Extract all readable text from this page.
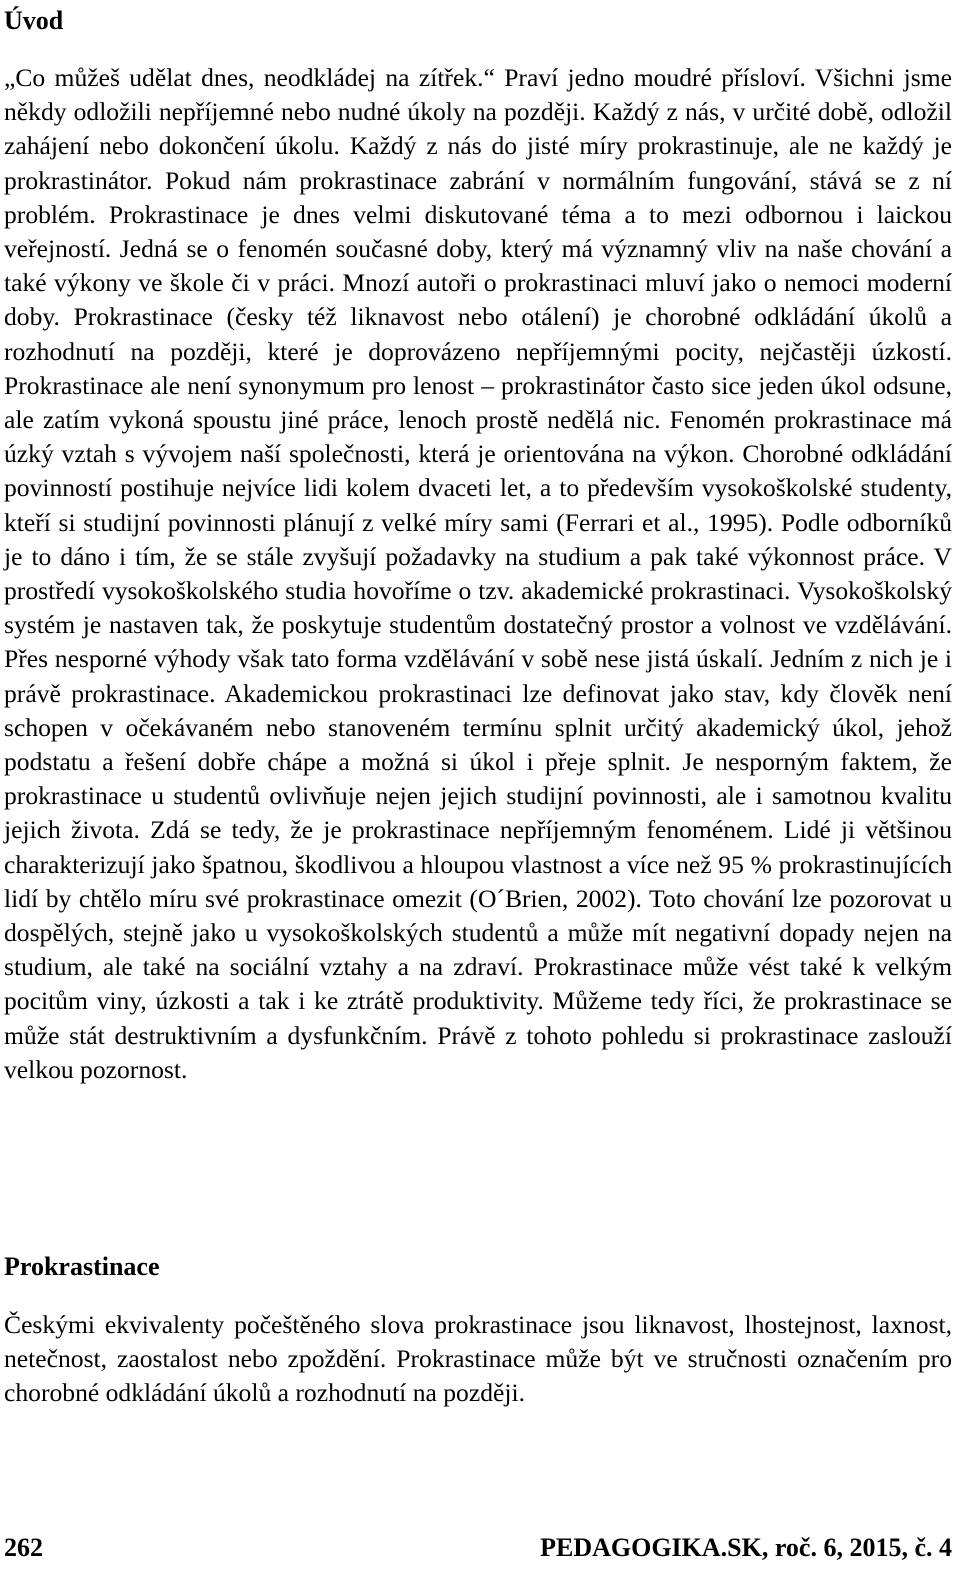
Úvod

„Co můžeš udělat dnes, neodkládej na zítřek.“ Praví jedno moudré přísloví. Všichni jsme někdy odložili nepříjemné nebo nudné úkoly na později. Každý z nás, v určité době, odložil zahájení nebo dokončení úkolu. Každý z nás do jisté míry prokrastinuje, ale ne každý je prokrastinátor. Pokud nám prokrastinace zabrání v normálním fungování, stává se z ní problém. Prokrastinace je dnes velmi diskutované téma a to mezi odbornou i laickou veřejností. Jedná se o fenomén současné doby, který má významný vliv na naše chování a také výkony ve škole či v práci. Mnozí autoři o prokrastinaci mluví jako o nemoci moderní doby. Prokrastinace (česky též liknavost nebo otálení) je chorobné odkládání úkolů a rozhodnutí na později, které je doprovázeno nepříjemnými pocity, nejčastěji úzkostí. Prokrastinace ale není synonymum pro lenost – prokrastinátor často sice jeden úkol odsune, ale zatím vykoná spoustu jiné práce, lenoch prostě nedělá nic. Fenomén prokrastinace má úzký vztah s vývojem naší společnosti, která je orientována na výkon. Chorobné odkládání povinností postihuje nejvíce lidi kolem dvaceti let, a to především vysokoškolské studenty, kteří si studijní povinnosti plánují z velké míry sami (Ferrari et al., 1995). Podle odborníků je to dáno i tím, že se stále zvyšují požadavky na studium a pak také výkonnost práce. V prostředí vysokoškolského studia hovoříme o tzv. akademické prokrastinaci. Vysokoškolský systém je nastaven tak, že poskytuje studentům dostatečný prostor a volnost ve vzdělávání. Přes nesporné výhody však tato forma vzdělávání v sobě nese jistá úskalí. Jedním z nich je i právě prokrastinace. Akademickou prokrastinaci lze definovat jako stav, kdy člověk není schopen v očekávaném nebo stanoveném termínu splnit určitý akademický úkol, jehož podstatu a řešení dobře chápe a možná si úkol i přeje splnit. Je nesporným faktem, že prokrastinace u studentů ovlivňuje nejen jejich studijní povinnosti, ale i samotnou kvalitu jejich života. Zdá se tedy, že je prokrastinace nepříjemným fenoménem. Lidé ji většinou charakterizují jako špatnou, škodlivou a hloupou vlastnost a více než 95 % prokrastinujících lidí by chtělo míru své prokrastinace omezit (O´Brien, 2002). Toto chování lze pozorovat u dospělých, stejně jako u vysokoškolských studentů a může mít negativní dopady nejen na studium, ale také na sociální vztahy a na zdraví. Prokrastinace může vést také k velkým pocitům viny, úzkosti a tak i ke ztrátě produktivity. Můžeme tedy říci, že prokrastinace se může stát destruktivním a dysfunkčním. Právě z tohoto pohledu si prokrastinace zaslouží velkou pozornost.

Prokrastinace

Českými ekvivalenty počeštěného slova prokrastinace jsou liknavost, lhostejnost, laxnost, netečnost, zaostalost nebo zpoždění. Prokrastinace může být ve stručnosti označením pro chorobné odkládání úkolů a rozhodnutí na později.

262	PEDAGOGIKA.SK, roč. 6, 2015, č. 4
